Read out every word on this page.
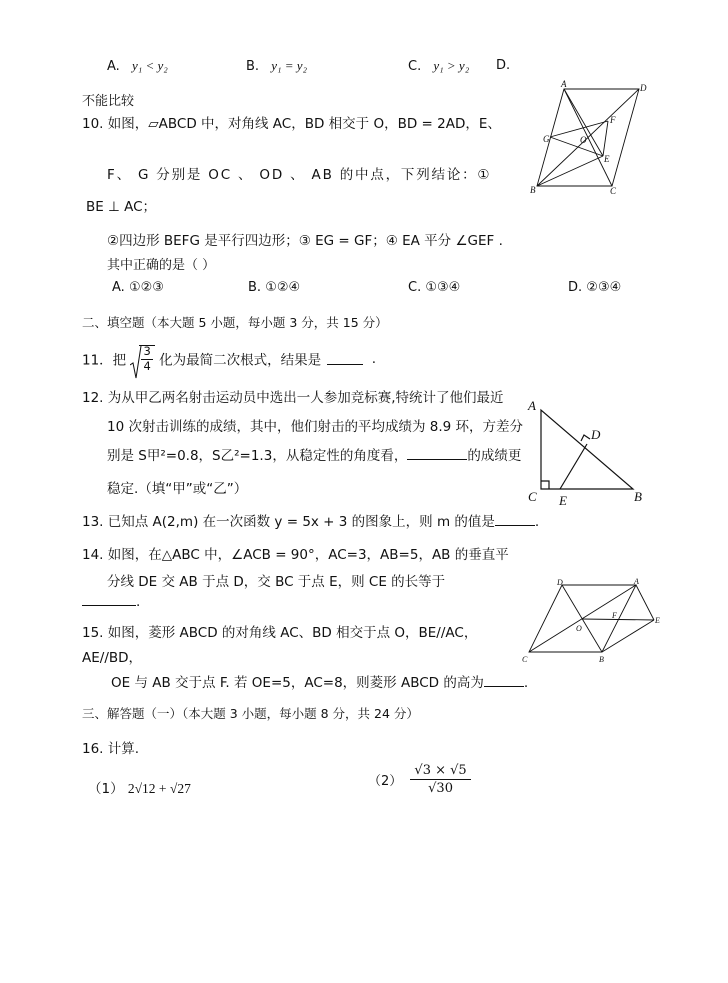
A. y₁ < y₂	B. y₁ = y₂	C. y₁ > y₂ D.
不能比较
10. 如图，▱ABCD 中，对角线 AC，BD 相交于 O，BD = 2AD，E、
F、 G 分别是 OC 、 OD 、 AB 的中点，下列结论：①
BE ⊥ AC；
②四边形 BEFG 是平行四边形；③ EG = GF；④ EA 平分 ∠GEF .
其中正确的是（ ）
A. ①②③	B. ①②④	C. ①③④	D. ②③④
A	D
B	C
G
F
E
O
二、填空题（本大题 5 小题，每小题 3 分，共 15 分）
11．把 $\frac{3}{4}$ 化为最简二次根式，结果是	.
12. 为从甲乙两名射击运动员中选出一人参加竞标赛,特统计了他们最近
10 次射击训练的成绩，其中，他们射击的平均成绩为 8.9 环，方差分
别是 S甲²=0.8，S乙²=1.3，从稳定性的角度看，	的成绩更
稳定.（填“甲”或“乙”）
A
D
C E	B
13. 已知点 A(2,m) 在一次函数 y = 5x + 3 的图象上，则 m 的值是	.
14. 如图，在△ABC 中，∠ACB = 90°，AC=3，AB=5，AB 的垂直平
分线 DE 交 AB 于点 D，交 BC 于点 E，则 CE 的长等于
.
D	A
C	B
E
F
O
15. 如图，菱形 ABCD 的对角线 AC、BD 相交于点 O，BE//AC，
AE//BD，
OE 与 AB 交于点 F. 若 OE=5，AC=8，则菱形 ABCD 的高为	.
三、解答题（一）（本大题 3 小题，每小题 8 分，共 24 分）
16. 计算.
（1） 2√12 + √27	$(2) \frac{√3 \times √5}{√30}$
